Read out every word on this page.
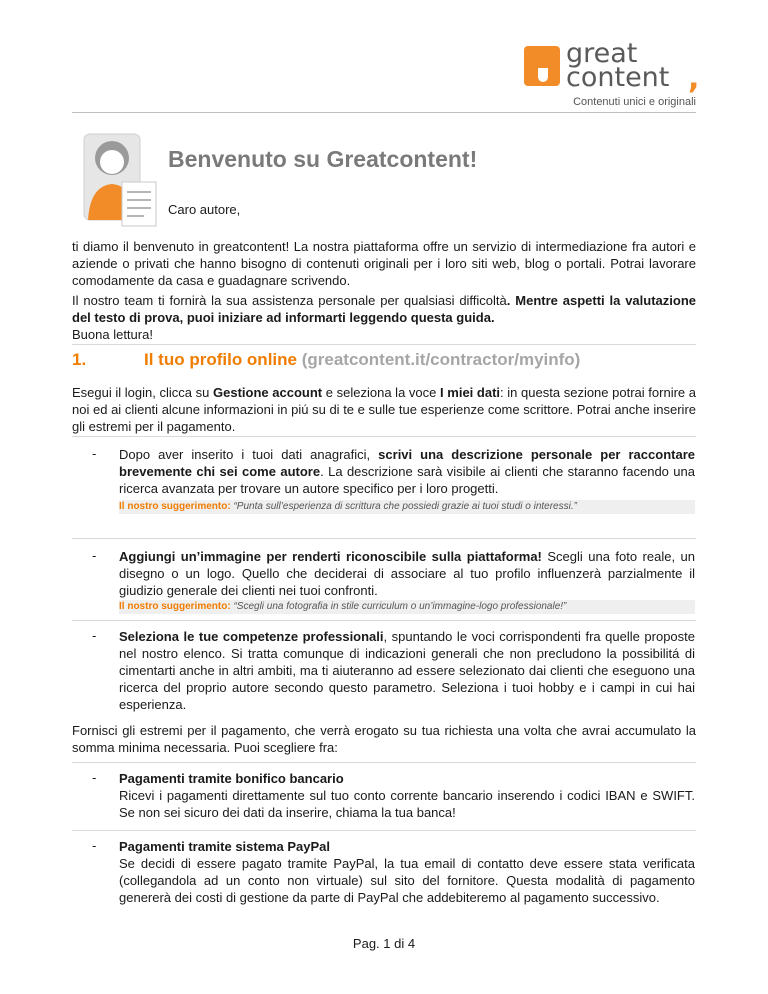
great
content ,
Contenuti unici e originali
Benvenuto su Greatcontent!
Caro autore,
ti diamo il benvenuto in greatcontent! La nostra piattaforma offre un servizio di intermediazione fra autori e aziende o privati che hanno bisogno di contenuti originali per i loro siti web, blog o portali. Potrai lavorare comodamente da casa e guadagnare scrivendo.
Il nostro team ti fornirà la sua assistenza personale per qualsiasi difficoltà. Mentre aspetti la valutazione del testo di prova, puoi iniziare ad informarti leggendo questa guida.
Buona lettura!
1.	Il tuo profilo online (greatcontent.it/contractor/myinfo)
Esegui il login, clicca su Gestione account e seleziona la voce I miei dati: in questa sezione potrai fornire a noi ed ai clienti alcune informazioni in piú su di te e sulle tue esperienze come scrittore. Potrai anche inserire gli estremi per il pagamento.
- Dopo aver inserito i tuoi dati anagrafici, scrivi una descrizione personale per raccontare brevemente chi sei come autore. La descrizione sarà visibile ai clienti che staranno facendo una ricerca avanzata per trovare un autore specifico per i loro progetti.
Il nostro suggerimento: “Punta sull’esperienza di scrittura che possiedi grazie ai tuoi studi o interessi.”
- Aggiungi un’immagine per renderti riconoscibile sulla piattaforma! Scegli una foto reale, un disegno o un logo. Quello che deciderai di associare al tuo profilo influenzerà parzialmente il giudizio generale dei clienti nei tuoi confronti.
Il nostro suggerimento: “Scegli una fotografia in stile curriculum o un’immagine-logo professionale!”
- Seleziona le tue competenze professionali, spuntando le voci corrispondenti fra quelle proposte nel nostro elenco. Si tratta comunque di indicazioni generali che non precludono la possibilitá di cimentarti anche in altri ambiti, ma ti aiuteranno ad essere selezionato dai clienti che eseguono una ricerca del proprio autore secondo questo parametro. Seleziona i tuoi hobby e i campi in cui hai esperienza.
Fornisci gli estremi per il pagamento, che verrà erogato su tua richiesta una volta che avrai accumulato la somma minima necessaria. Puoi scegliere fra:
- Pagamenti tramite bonifico bancario
Ricevi i pagamenti direttamente sul tuo conto corrente bancario inserendo i codici IBAN e SWIFT. Se non sei sicuro dei dati da inserire, chiama la tua banca!
- Pagamenti tramite sistema PayPal
Se decidi di essere pagato tramite PayPal, la tua email di contatto deve essere stata verificata (collegandola ad un conto non virtuale) sul sito del fornitore. Questa modalità di pagamento genererà dei costi di gestione da parte di PayPal che addebiteremo al pagamento successivo.
Pag. 1 di 4
